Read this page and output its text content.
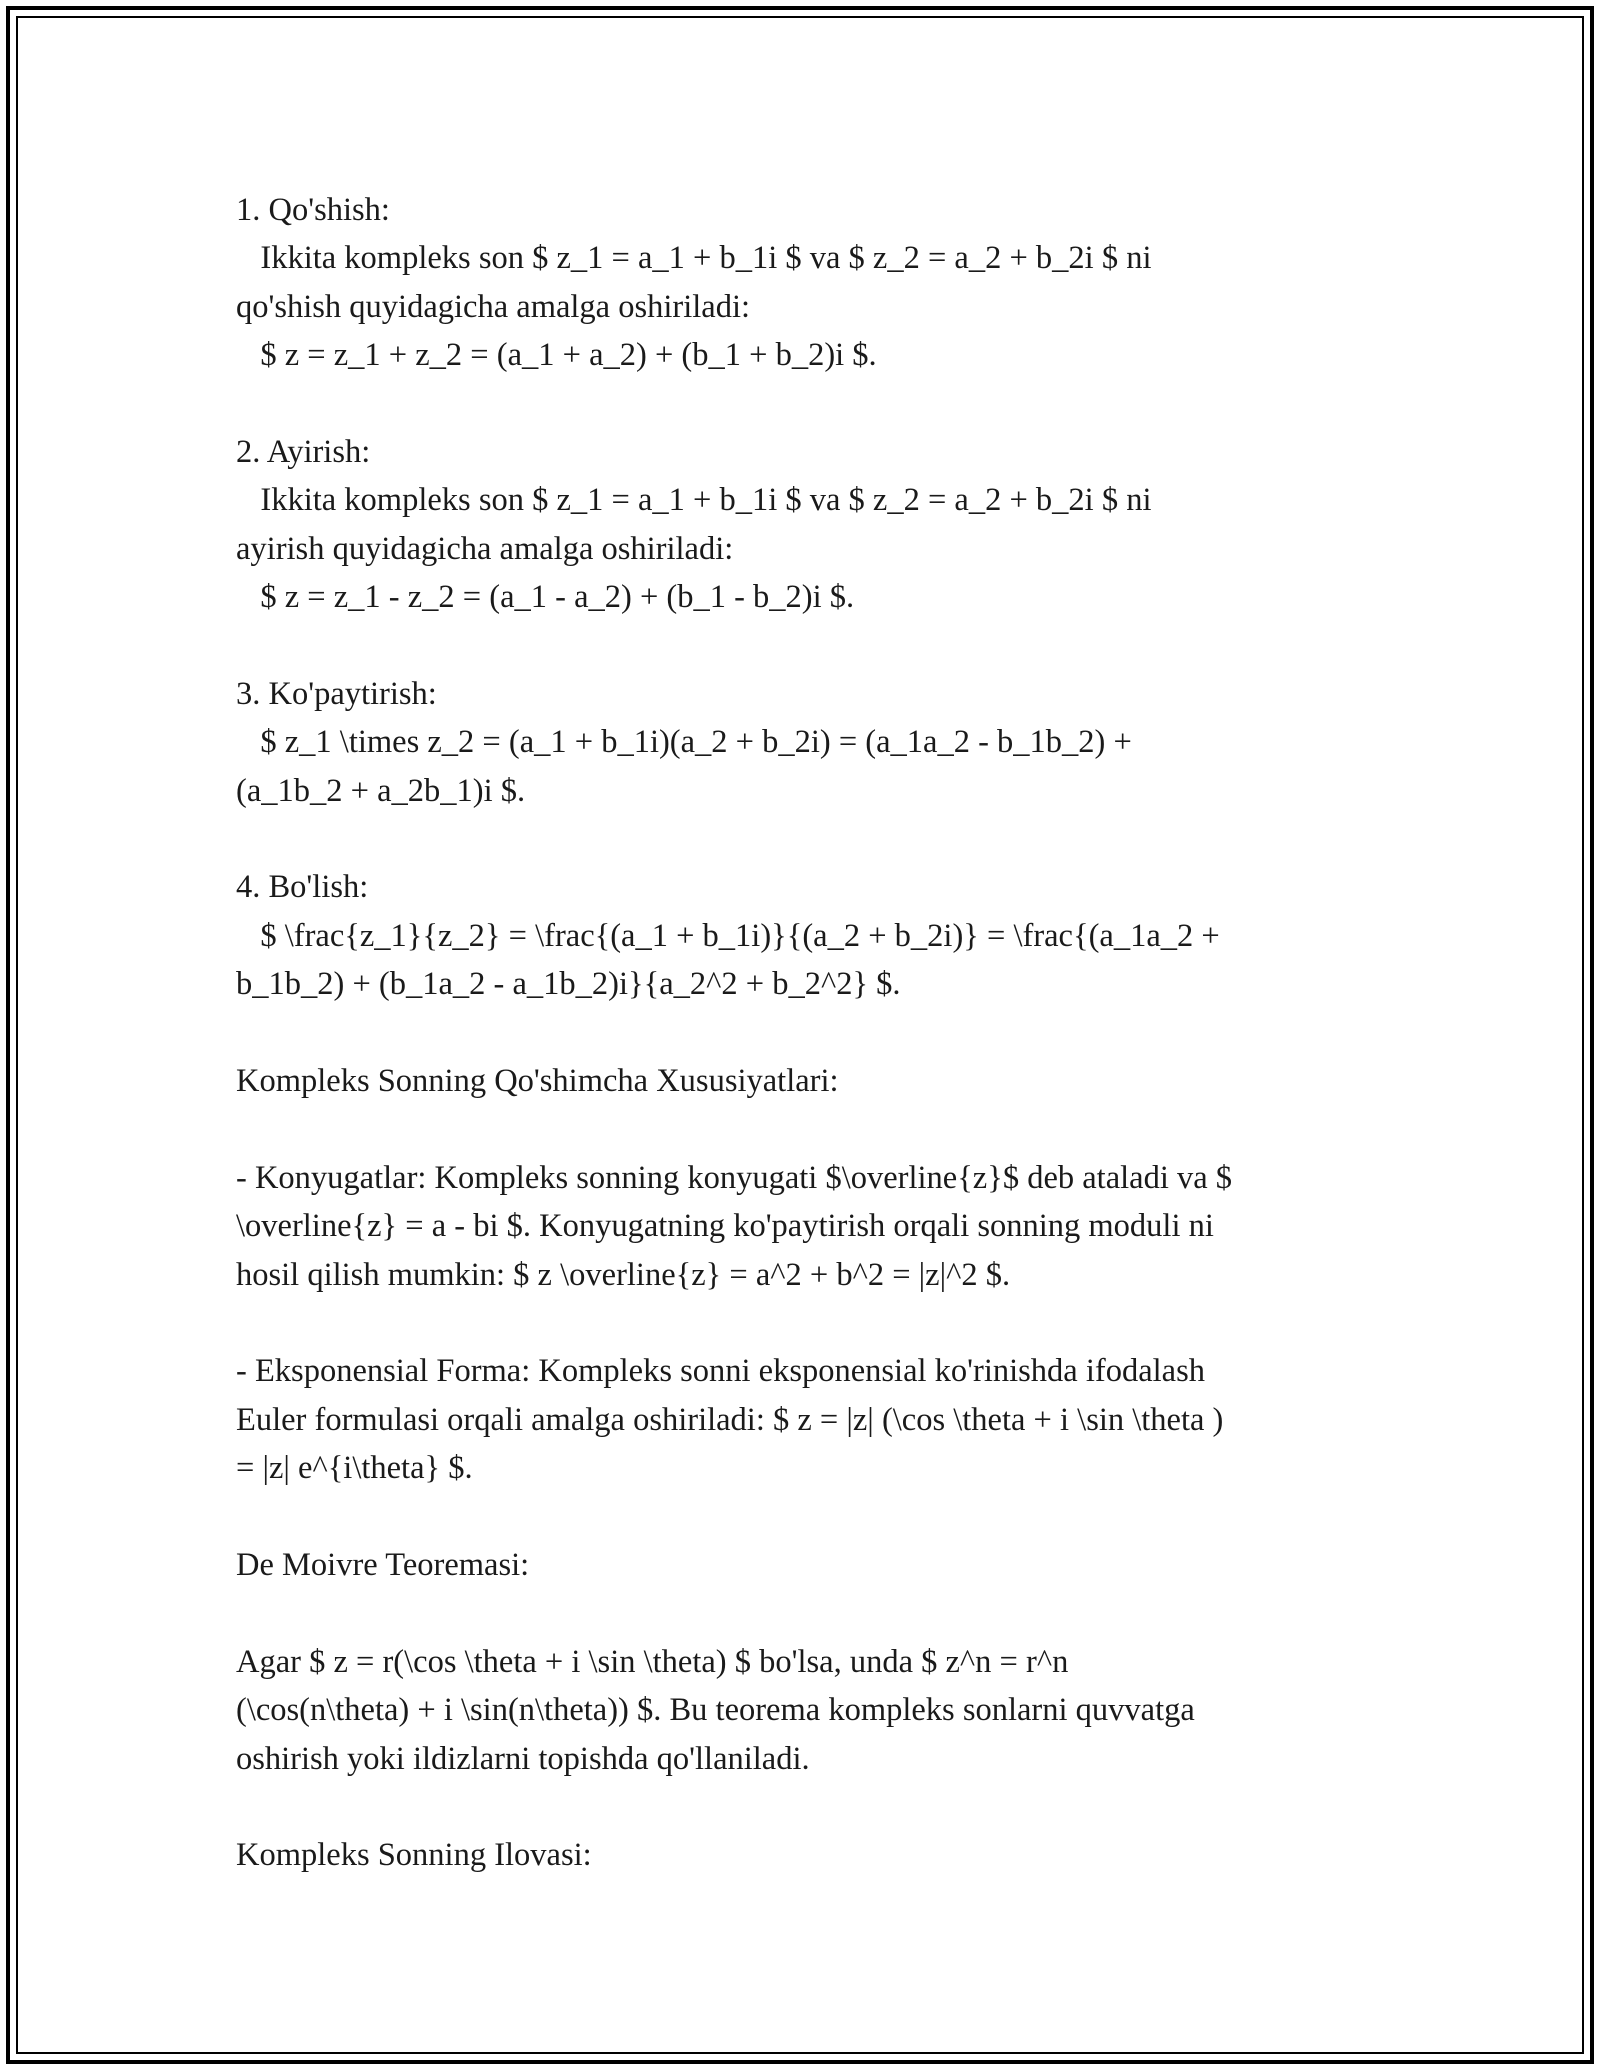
1. Qo'shish:
Ikkita kompleks son $ z_1 = a_1 + b_1i $ va $ z_2 = a_2 + b_2i $ ni
qo'shish quyidagicha amalga oshiriladi:
$ z = z_1 + z_2 = (a_1 + a_2) + (b_1 + b_2)i $.
2. Ayirish:
Ikkita kompleks son $ z_1 = a_1 + b_1i $ va $ z_2 = a_2 + b_2i $ ni
ayirish quyidagicha amalga oshiriladi:
$ z = z_1 - z_2 = (a_1 - a_2) + (b_1 - b_2)i $.
3. Ko'paytirish:
$ z_1 \times z_2 = (a_1 + b_1i)(a_2 + b_2i) = (a_1a_2 - b_1b_2) +
(a_1b_2 + a_2b_1)i $.
4. Bo'lish:
$ \frac{z_1}{z_2} = \frac{(a_1 + b_1i)}{(a_2 + b_2i)} = \frac{(a_1a_2 +
b_1b_2) + (b_1a_2 - a_1b_2)i}{a_2^2 + b_2^2} $.
Kompleks Sonning Qo'shimcha Xususiyatlari:
- Konyugatlar: Kompleks sonning konyugati $\overline{z}$ deb ataladi va $
\overline{z} = a - bi $. Konyugatning ko'paytirish orqali sonning moduli ni
hosil qilish mumkin: $ z \overline{z} = a^2 + b^2 = |z|^2 $.
- Eksponensial Forma: Kompleks sonni eksponensial ko'rinishda ifodalash
Euler formulasi orqali amalga oshiriladi: $ z = |z| (\cos \theta + i \sin \theta )
= |z| e^{i\theta} $.
De Moivre Teoremasi:
Agar $ z = r(\cos \theta + i \sin \theta) $ bo'lsa, unda $ z^n = r^n
(\cos(n\theta) + i \sin(n\theta)) $. Bu teorema kompleks sonlarni quvvatga
oshirish yoki ildizlarni topishda qo'llaniladi.
Kompleks Sonning Ilovasi:
